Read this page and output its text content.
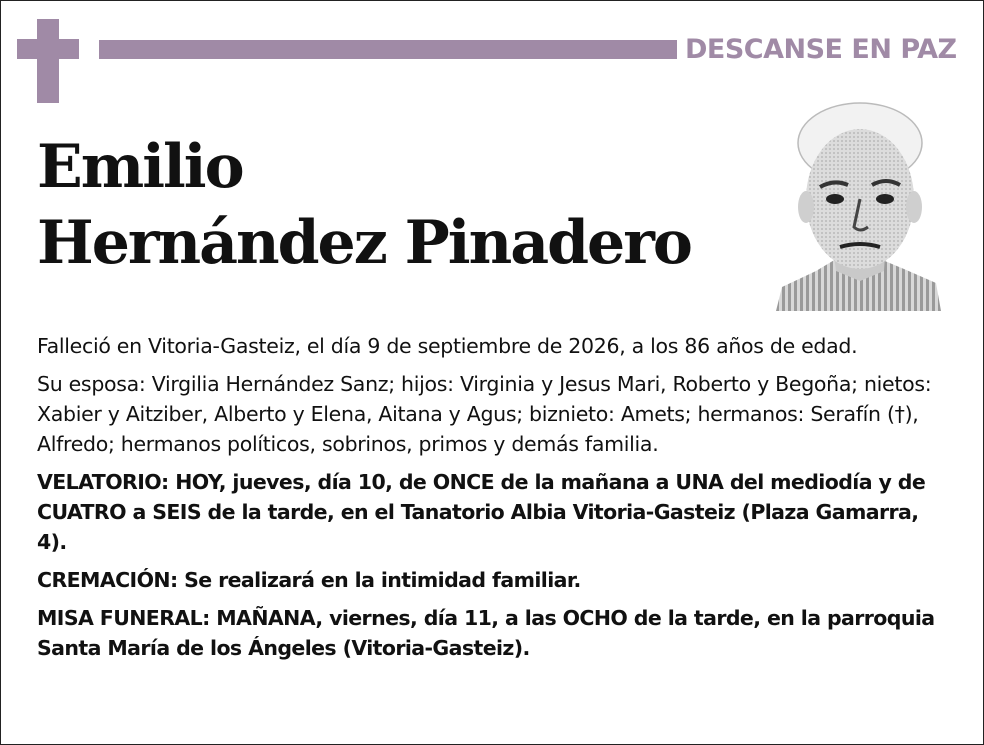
DESCANSE EN PAZ
Emilio
Hernández Pinadero

Falleció en Vitoria-Gasteiz, el día 9 de septiembre de 2026, a los 86 años de edad.

Su esposa: Virgilia Hernández Sanz; hijos: Virginia y Jesus Mari, Roberto y Begoña; nietos: Xabier y Aitziber, Alberto y Elena, Aitana y Agus; biznieto: Amets; hermanos: Serafín (†), Alfredo; hermanos políticos, sobrinos, primos y demás familia.

VELATORIO: HOY, jueves, día 10, de ONCE de la mañana a UNA del mediodía y de CUATRO a SEIS de la tarde, en el Tanatorio Albia Vitoria-Gasteiz (Plaza Gamarra, 4).

CREMACIÓN: Se realizará en la intimidad familiar.

MISA FUNERAL: MAÑANA, viernes, día 11, a las OCHO de la tarde, en la parroquia Santa María de los Ángeles (Vitoria-Gasteiz).
